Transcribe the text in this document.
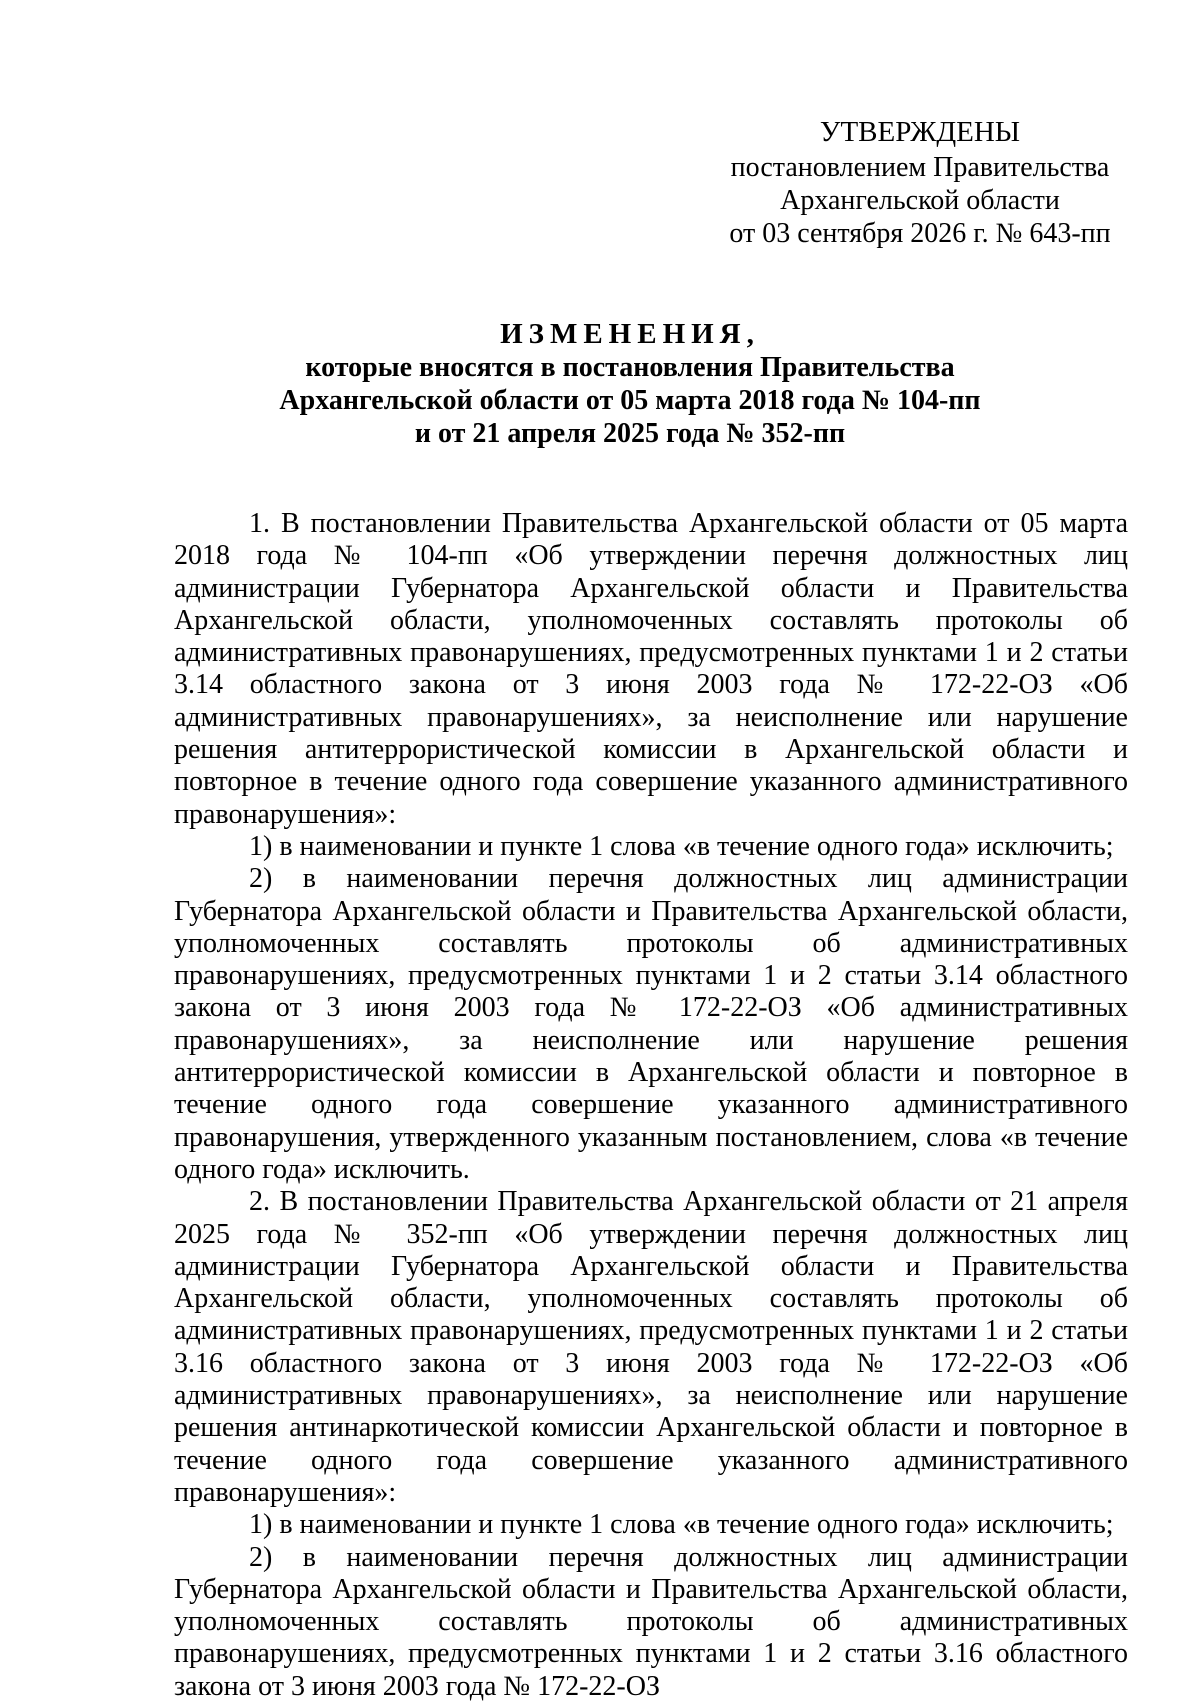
УТВЕРЖДЕНЫ
постановлением Правительства
Архангельской области
от 03 сентября 2026 г. № 643-пп
ИЗМЕНЕНИЯ,
которые вносятся в постановления Правительства
Архангельской области от 05 марта 2018 года № 104-пп
и от 21 апреля 2025 года № 352-пп

1. В постановлении Правительства Архангельской области от 05 марта 2018 года № 104-пп «Об утверждении перечня должностных лиц администрации Губернатора Архангельской области и Правительства Архангельской области, уполномоченных составлять протоколы об административных правонарушениях, предусмотренных пунктами 1 и 2 статьи 3.14 областного закона от 3 июня 2003 года № 172-22-ОЗ «Об административных правонарушениях», за неисполнение или нарушение решения антитеррористической комиссии в Архангельской области и повторное в течение одного года совершение указанного административного правонарушения»:

1) в наименовании и пункте 1 слова «в течение одного года» исключить;

2) в наименовании перечня должностных лиц администрации Губернатора Архангельской области и Правительства Архангельской области, уполномоченных составлять протоколы об административных правонарушениях, предусмотренных пунктами 1 и 2 статьи 3.14 областного закона от 3 июня 2003 года № 172-22-ОЗ «Об административных правонарушениях», за неисполнение или нарушение решения антитеррористической комиссии в Архангельской области и повторное в течение одного года совершение указанного административного правонарушения, утвержденного указанным постановлением, слова «в течение одного года» исключить.

2. В постановлении Правительства Архангельской области от 21 апреля 2025 года № 352-пп «Об утверждении перечня должностных лиц администрации Губернатора Архангельской области и Правительства Архангельской области, уполномоченных составлять протоколы об административных правонарушениях, предусмотренных пунктами 1 и 2 статьи 3.16 областного закона от 3 июня 2003 года № 172-22-ОЗ «Об административных правонарушениях», за неисполнение или нарушение решения антинаркотической комиссии Архангельской области и повторное в течение одного года совершение указанного административного правонарушения»:

1) в наименовании и пункте 1 слова «в течение одного года» исключить;

2) в наименовании перечня должностных лиц администрации Губернатора Архангельской области и Правительства Архангельской области, уполномоченных составлять протоколы об административных правонарушениях, предусмотренных пунктами 1 и 2 статьи 3.16 областного закона от 3 июня 2003 года № 172-22-ОЗ
